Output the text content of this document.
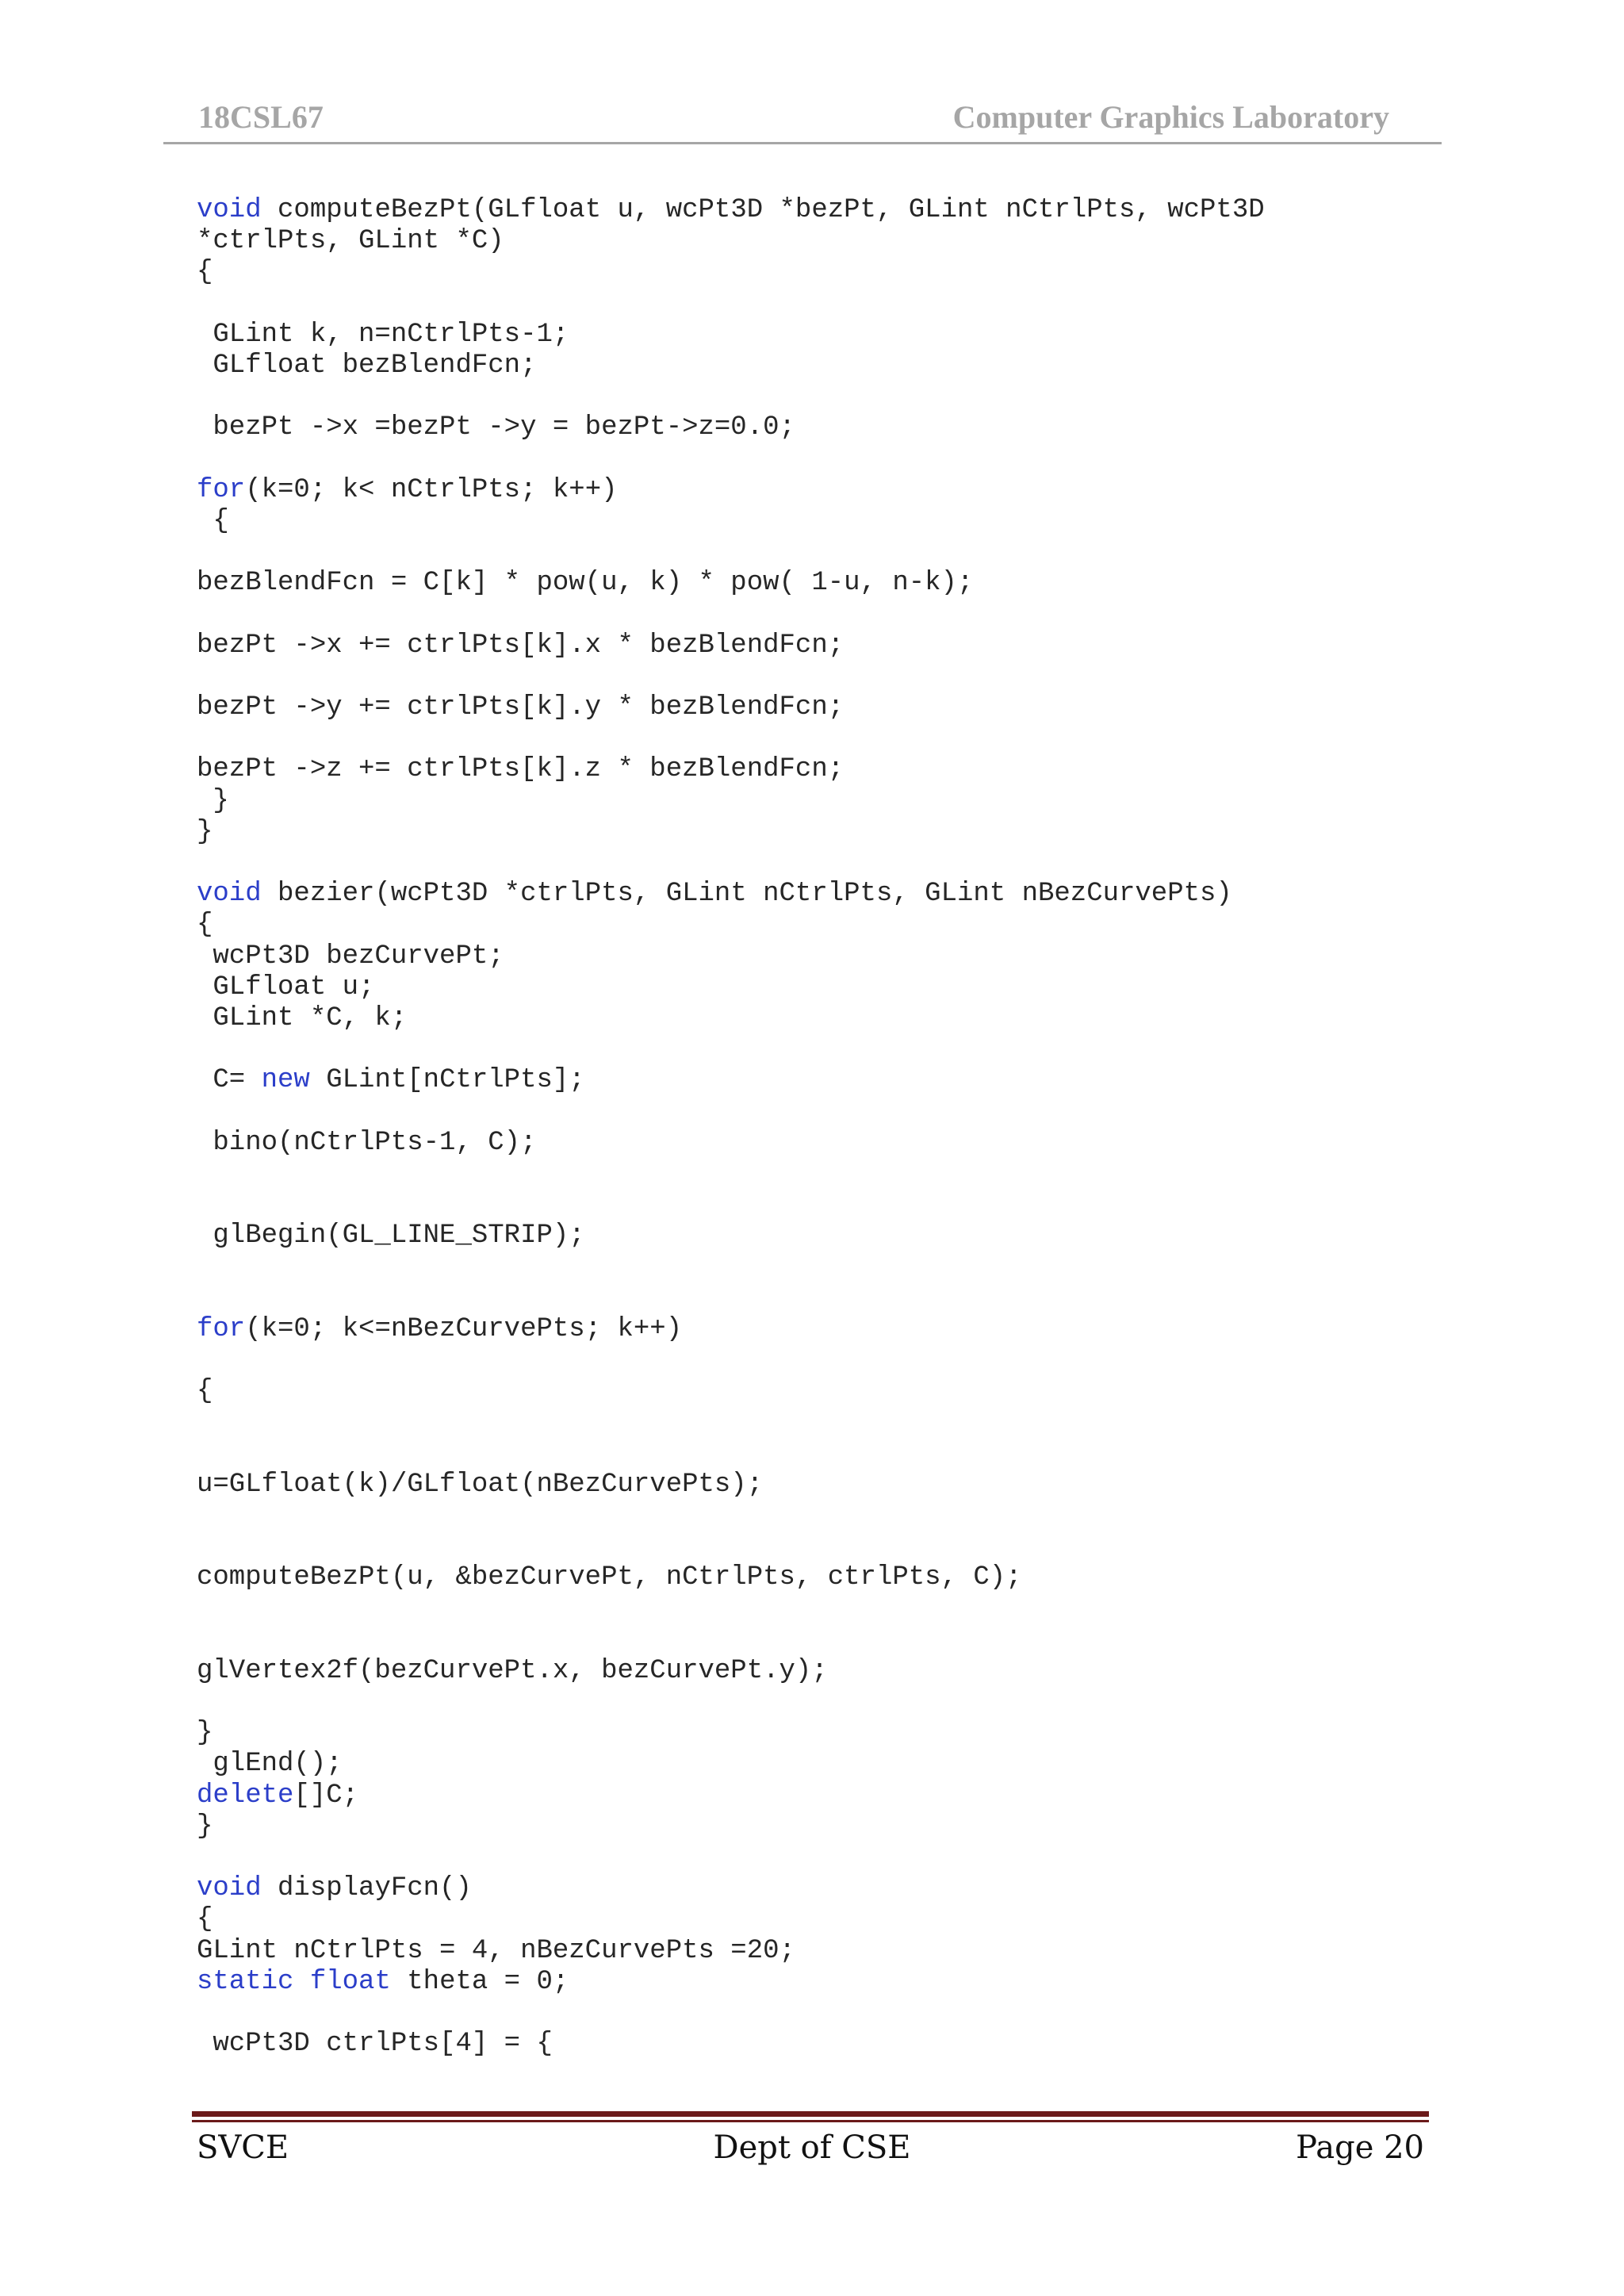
18CSL67	Computer Graphics Laboratory
void computeBezPt(GLfloat u, wcPt3D *bezPt, GLint nCtrlPts, wcPt3D
*ctrlPts, GLint *C)
{
GLint k, n=nCtrlPts-1;
GLfloat bezBlendFcn;
bezPt ->x =bezPt ->y = bezPt->z=0.0;
for(k=0; k< nCtrlPts; k++)
{
bezBlendFcn = C[k] * pow(u, k) * pow( 1-u, n-k);
bezPt ->x += ctrlPts[k].x * bezBlendFcn;
bezPt ->y += ctrlPts[k].y * bezBlendFcn;
bezPt ->z += ctrlPts[k].z * bezBlendFcn;
}
}
void bezier(wcPt3D *ctrlPts, GLint nCtrlPts, GLint nBezCurvePts)
{
wcPt3D bezCurvePt;
GLfloat u;
GLint *C, k;
C= new GLint[nCtrlPts];
bino(nCtrlPts-1, C);
glBegin(GL_LINE_STRIP);
for(k=0; k<=nBezCurvePts; k++)
{
u=GLfloat(k)/GLfloat(nBezCurvePts);
computeBezPt(u, &bezCurvePt, nCtrlPts, ctrlPts, C);
glVertex2f(bezCurvePt.x, bezCurvePt.y);
}
glEnd();
delete[]C;
}
void displayFcn()
{
GLint nCtrlPts = 4, nBezCurvePts =20;
static float theta = 0;
wcPt3D ctrlPts[4] = {
SVCE	Dept of CSE	Page 20
